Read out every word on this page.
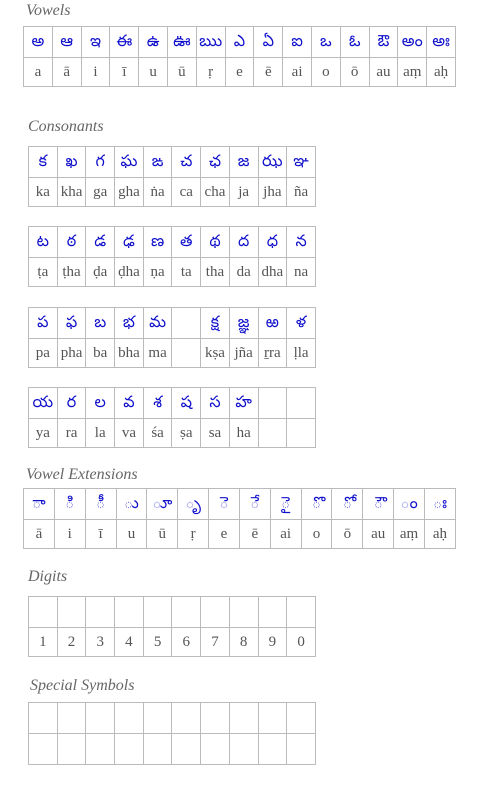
Vowels
అ	ఆ	ఇ	ఈ	ఉ	ఊ	ఋ	ఎ	ఏ	ఐ	ఒ	ఓ	ఔ	అం	అః
a	ā	i	ī	u	ū	ṛ	e	ē	ai	o	ō	au	aṃ	aḥ
Consonants
క	ఖ	గ	ఘ	ఙ	చ	ఛ	జ	ఝ	ఞ
ka	kha	ga	gha	ṅa	ca	cha	ja	jha	ña
ట	ఠ	డ	ఢ	ణ	త	థ	ద	ధ	న
ṭa	ṭha	ḍa	ḍha	ṇa	ta	tha	da	dha	na
ప	ఫ	బ	భ	మ		క్ష	జ్ఞ	ఱ	ళ
pa	pha	ba	bha	ma		kṣa	jña	ṟra	ḷla
య	ర	ల	వ	శ	ష	స	హ		
ya	ra	la	va	śa	ṣa	sa	ha		
Vowel Extensions
ా	ి	ీ	ు	ూ	ృ	ె	ే	ై	ొ	ో	ౌ	ం	ః
ā	i	ī	u	ū	ṛ	e	ē	ai	o	ō	au	aṃ	aḥ
Digits

1	2	3	4	5	6	7	8	9	0
Special Symbols
